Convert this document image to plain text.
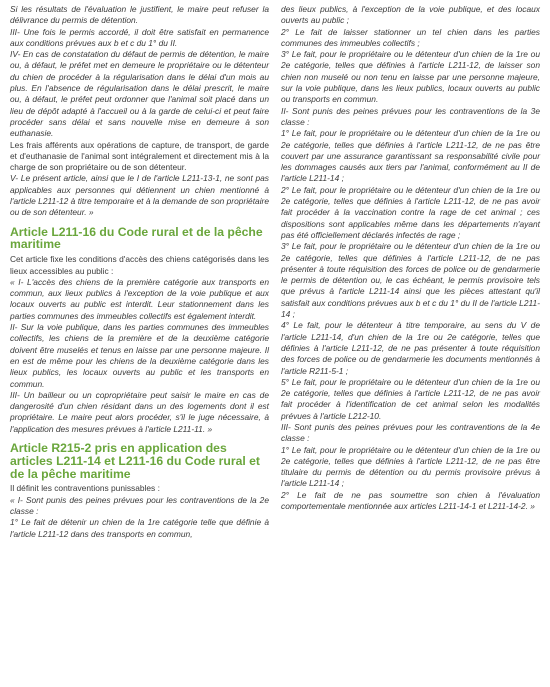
Si les résultats de l'évaluation le justifient, le maire peut refuser la délivrance du permis de détention.

III- Une fois le permis accordé, il doit être satisfait en permanence aux conditions prévues aux b et c du 1° du II.

IV- En cas de constatation du défaut de permis de détention, le maire ou, à défaut, le préfet met en demeure le propriétaire ou le détenteur du chien de procéder à la régularisation dans le délai d'un mois au plus. En l'absence de régularisation dans le délai prescrit, le maire ou, à défaut, le préfet peut ordonner que l'animal soit placé dans un lieu de dépôt adapté à l'accueil ou à la garde de celui-ci et peut faire procéder sans délai et sans nouvelle mise en demeure à son euthanasie.

Les frais afférents aux opérations de capture, de transport, de garde et d'euthanasie de l'animal sont intégralement et directement mis à la charge de son propriétaire ou de son détenteur.

V- Le présent article, ainsi que le I de l'article L211-13-1, ne sont pas applicables aux personnes qui détiennent un chien mentionné à l'article L211-12 à titre temporaire et à la demande de son propriétaire ou de son détenteur. »

Article L211-16 du Code rural et de la pêche maritime

Cet article fixe les conditions d'accès des chiens catégorisés dans les lieux accessibles au public :

« I- L'accès des chiens de la première catégorie aux transports en commun, aux lieux publics à l'exception de la voie publique et aux locaux ouverts au public est interdit. Leur stationnement dans les parties communes des immeubles collectifs est également interdit.

II- Sur la voie publique, dans les parties communes des immeubles collectifs, les chiens de la première et de la deuxième catégorie doivent être muselés et tenus en laisse par une personne majeure. Il en est de même pour les chiens de la deuxième catégorie dans les lieux publics, les locaux ouverts au public et les transports en commun.

III- Un bailleur ou un copropriétaire peut saisir le maire en cas de dangerosité d'un chien résidant dans un des logements dont il est propriétaire. Le maire peut alors procéder, s'il le juge nécessaire, à l'application des mesures prévues à l'article L211-11. »

Article R215-2 pris en application des articles L211-14 et L211-16 du Code rural et de la pêche maritime

Il définit les contraventions punissables :

« I- Sont punis des peines prévues pour les contraventions de la 2e classe :

1° Le fait de détenir un chien de la 1re catégorie telle que définie à l'article L211-12 dans des transports en commun,

des lieux publics, à l'exception de la voie publique, et des locaux ouverts au public ;

2° Le fait de laisser stationner un tel chien dans les parties communes des immeubles collectifs ;

3° Le fait, pour le propriétaire ou le détenteur d'un chien de la 1re ou 2e catégorie, telles que définies à l'article L211-12, de laisser son chien non muselé ou non tenu en laisse par une personne majeure, sur la voie publique, dans les lieux publics, locaux ouverts au public ou transports en commun.

II- Sont punis des peines prévues pour les contraventions de la 3e classe :

1° Le fait, pour le propriétaire ou le détenteur d'un chien de la 1re ou 2e catégorie, telles que définies à l'article L211-12, de ne pas être couvert par une assurance garantissant sa responsabilité civile pour les dommages causés aux tiers par l'animal, conformément au II de l'article L211-14 ;

2° Le fait, pour le propriétaire ou le détenteur d'un chien de la 1re ou 2e catégorie, telles que définies à l'article L211-12, de ne pas avoir fait procéder à la vaccination contre la rage de cet animal ; ces dispositions sont applicables même dans les départements n'ayant pas été officiellement déclarés infectés de rage ;

3° Le fait, pour le propriétaire ou le détenteur d'un chien de la 1re ou 2e catégorie, telles que définies à l'article L211-12, de ne pas présenter à toute réquisition des forces de police ou de gendarmerie le permis de détention ou, le cas échéant, le permis provisoire tels que prévus à l'article L211-14 ainsi que les pièces attestant qu'il satisfait aux conditions prévues aux b et c du 1° du II de l'article L211-14 ;

4° Le fait, pour le détenteur à titre temporaire, au sens du V de l'article L211-14, d'un chien de la 1re ou 2e catégorie, telles que définies à l'article L211-12, de ne pas présenter à toute réquisition des forces de police ou de gendarmerie les documents mentionnés à l'article R211-5-1 ;

5° Le fait, pour le propriétaire ou le détenteur d'un chien de la 1re ou 2e catégorie, telles que définies à l'article L211-12, de ne pas avoir fait procéder à l'identification de cet animal selon les modalités prévues à l'article L212-10.

III- Sont punis des peines prévues pour les contraventions de la 4e classe :

1° Le fait, pour le propriétaire ou le détenteur d'un chien de la 1re ou 2e catégorie, telles que définies à l'article L211-12, de ne pas être titulaire du permis de détention ou du permis provisoire prévus à l'article L211-14 ;

2° Le fait de ne pas soumettre son chien à l'évaluation comportementale mentionnée aux articles L211-14-1 et L211-14-2. »
